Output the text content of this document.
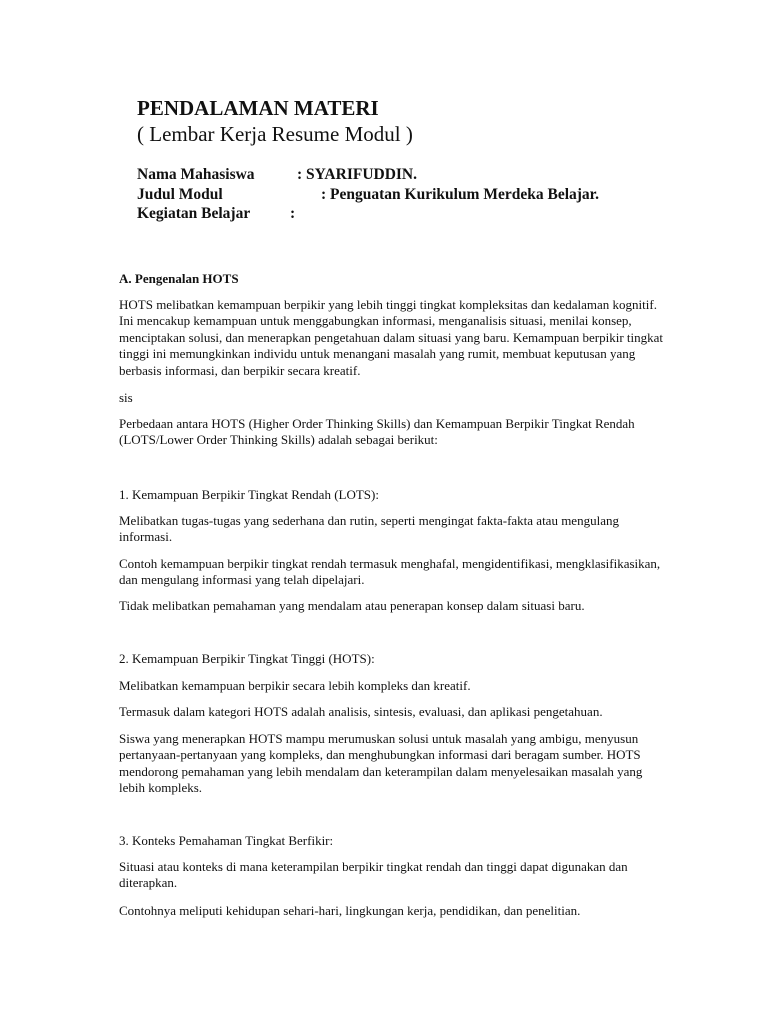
PENDALAMAN MATERI
( Lembar Kerja Resume Modul )
Nama Mahasiswa	: SYARIFUDDIN.
Judul Modul	: Penguatan Kurikulum Merdeka Belajar.
Kegiatan Belajar	:
A. Pengenalan HOTS
HOTS melibatkan kemampuan berpikir yang lebih tinggi tingkat kompleksitas dan kedalaman kognitif.
Ini mencakup kemampuan untuk menggabungkan informasi, menganalisis situasi, menilai konsep,
menciptakan solusi, dan menerapkan pengetahuan dalam situasi yang baru. Kemampuan berpikir tingkat
tinggi ini memungkinkan individu untuk menangani masalah yang rumit, membuat keputusan yang
berbasis informasi, dan berpikir secara kreatif.
sis
Perbedaan antara HOTS (Higher Order Thinking Skills) dan Kemampuan Berpikir Tingkat Rendah
(LOTS/Lower Order Thinking Skills) adalah sebagai berikut:
1. Kemampuan Berpikir Tingkat Rendah (LOTS):
Melibatkan tugas-tugas yang sederhana dan rutin, seperti mengingat fakta-fakta atau mengulang
informasi.
Contoh kemampuan berpikir tingkat rendah termasuk menghafal, mengidentifikasi, mengklasifikasikan,
dan mengulang informasi yang telah dipelajari.
Tidak melibatkan pemahaman yang mendalam atau penerapan konsep dalam situasi baru.
2. Kemampuan Berpikir Tingkat Tinggi (HOTS):
Melibatkan kemampuan berpikir secara lebih kompleks dan kreatif.
Termasuk dalam kategori HOTS adalah analisis, sintesis, evaluasi, dan aplikasi pengetahuan.
Siswa yang menerapkan HOTS mampu merumuskan solusi untuk masalah yang ambigu, menyusun
pertanyaan-pertanyaan yang kompleks, dan menghubungkan informasi dari beragam sumber. HOTS
mendorong pemahaman yang lebih mendalam dan keterampilan dalam menyelesaikan masalah yang
lebih kompleks.
3. Konteks Pemahaman Tingkat Berfikir:
Situasi atau konteks di mana keterampilan berpikir tingkat rendah dan tinggi dapat digunakan dan
diterapkan.
Contohnya meliputi kehidupan sehari-hari, lingkungan kerja, pendidikan, dan penelitian.
